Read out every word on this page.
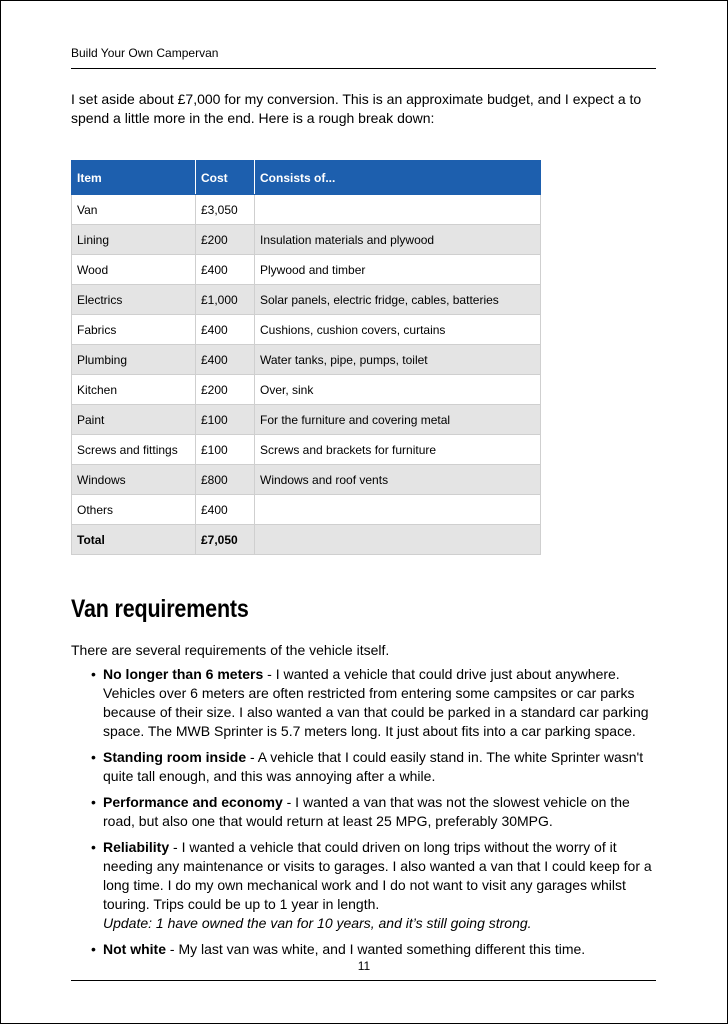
Build Your Own Campervan

I set aside about £7,000 for my conversion. This is an approximate budget, and I expect a to spend a little more in the end. Here is a rough break down:

Item	Cost	Consists of...
Van	£3,050	
Lining	£200	Insulation materials and plywood
Wood	£400	Plywood and timber
Electrics	£1,000	Solar panels, electric fridge, cables, batteries
Fabrics	£400	Cushions, cushion covers, curtains
Plumbing	£400	Water tanks, pipe, pumps, toilet
Kitchen	£200	Over, sink
Paint	£100	For the furniture and covering metal
Screws and fittings	£100	Screws and brackets for furniture
Windows	£800	Windows and roof vents
Others	£400	
Total	£7,050	
Van requirements
There are several requirements of the vehicle itself.
• No longer than 6 meters - I wanted a vehicle that could drive just about anywhere. Vehicles over 6 meters are often restricted from entering some campsites or car parks because of their size. I also wanted a van that could be parked in a standard car parking space. The MWB Sprinter is 5.7 meters long. It just about fits into a car parking space.
• Standing room inside - A vehicle that I could easily stand in. The white Sprinter wasn't quite tall enough, and this was annoying after a while.
• Performance and economy - I wanted a van that was not the slowest vehicle on the road, but also one that would return at least 25 MPG, preferably 30MPG.
• Reliability - I wanted a vehicle that could driven on long trips without the worry of it needing any maintenance or visits to garages. I also wanted a van that I could keep for a long time. I do my own mechanical work and I do not want to visit any garages whilst touring. Trips could be up to 1 year in length.
Update: 1 have owned the van for 10 years, and it’s still going strong.
• Not white - My last van was white, and I wanted something different this time.
11
